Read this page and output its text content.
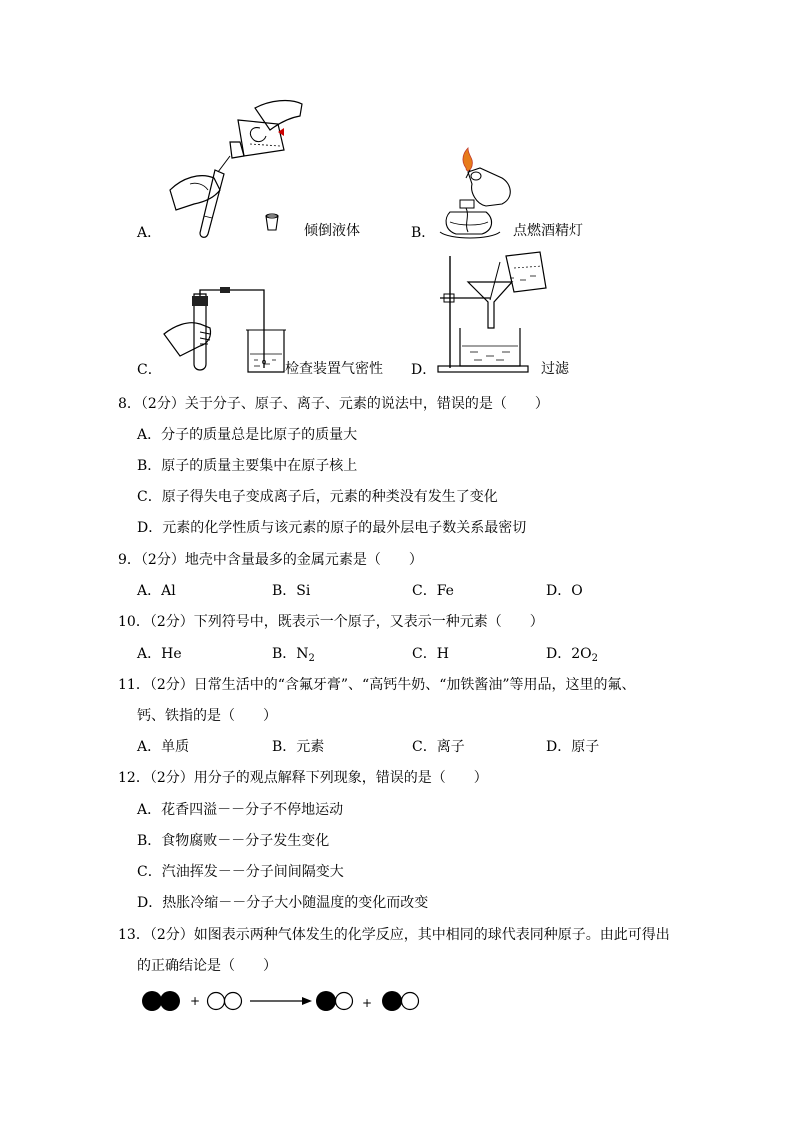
A．	倾倒液体	B．	点燃酒精灯
C．	检查装置气密性 D．	过滤
8．（2分）关于分子、原子、离子、元素的说法中，错误的是（　　）
A．分子的质量总是比原子的质量大
B．原子的质量主要集中在原子核上
C．原子得失电子变成离子后，元素的种类没有发生了变化
D．元素的化学性质与该元素的原子的最外层电子数关系最密切
9．（2分）地壳中含量最多的金属元素是（　　）
A．Al	B．Si	C．Fe	D．O
10．（2分）下列符号中，既表示一个原子，又表示一种元素（　　）
A．He	B．$N_2$	C．H	D．$2O_2$
11．（2分）日常生活中的“含氟牙膏”、“高钙牛奶、“加铁酱油”等用品，这里的氟、
钙、铁指的是（　　）
A．单质	B．元素	C．离子	D．原子
12．（2分）用分子的观点解释下列现象，错误的是（　　）
A．花香四溢－－分子不停地运动
B．食物腐败－－分子发生变化
C．汽油挥发－－分子间间隔变大
D．热胀冷缩－－分子大小随温度的变化而改变
13．（2分）如图表示两种气体发生的化学反应，其中相同的球代表同种原子。由此可得出
的正确结论是（　　）
+	+
